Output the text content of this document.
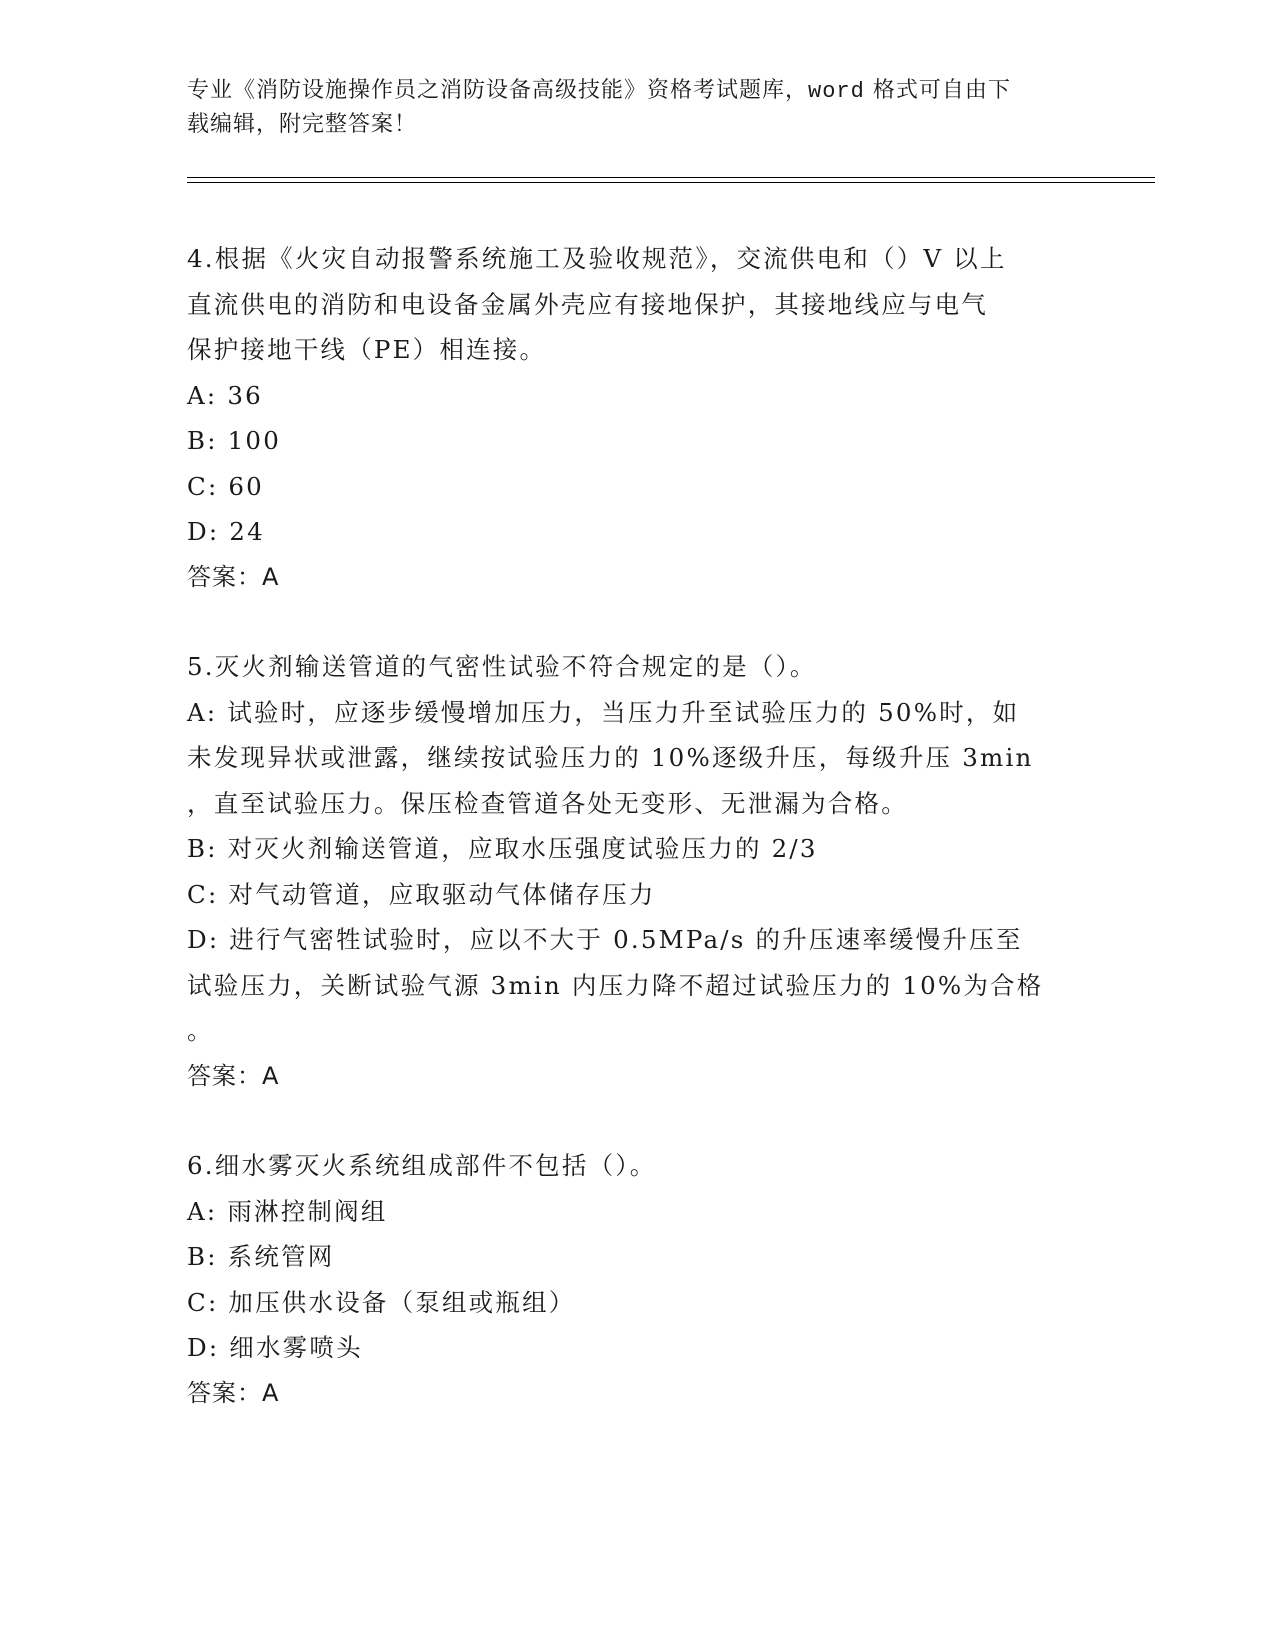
专业《消防设施操作员之消防设备高级技能》资格考试题库，word 格式可自由下
载编辑，附完整答案！
4.根据《火灾自动报警系统施工及验收规范》，交流供电和（）V 以上
直流供电的消防和电设备金属外壳应有接地保护，其接地线应与电气
保护接地干线（PE）相连接。
A: 36
B: 100
C: 60
D: 24
答案：A
5.灭火剂输送管道的气密性试验不符合规定的是（）。
A: 试验时，应逐步缓慢增加压力，当压力升至试验压力的 50%时，如
未发现异状或泄露，继续按试验压力的 10%逐级升压，每级升压 3min
，直至试验压力。保压检查管道各处无变形、无泄漏为合格。
B: 对灭火剂输送管道，应取水压强度试验压力的 2/3
C: 对气动管道，应取驱动气体储存压力
D: 进行气密牲试验时，应以不大于 0.5MPa/s 的升压速率缓慢升压至
试验压力，关断试验气源 3min 内压力降不超过试验压力的 10%为合格
。
答案：A
6.细水雾灭火系统组成部件不包括（）。
A: 雨淋控制阀组
B: 系统管网
C: 加压供水设备（泵组或瓶组）
D: 细水雾喷头
答案：A
